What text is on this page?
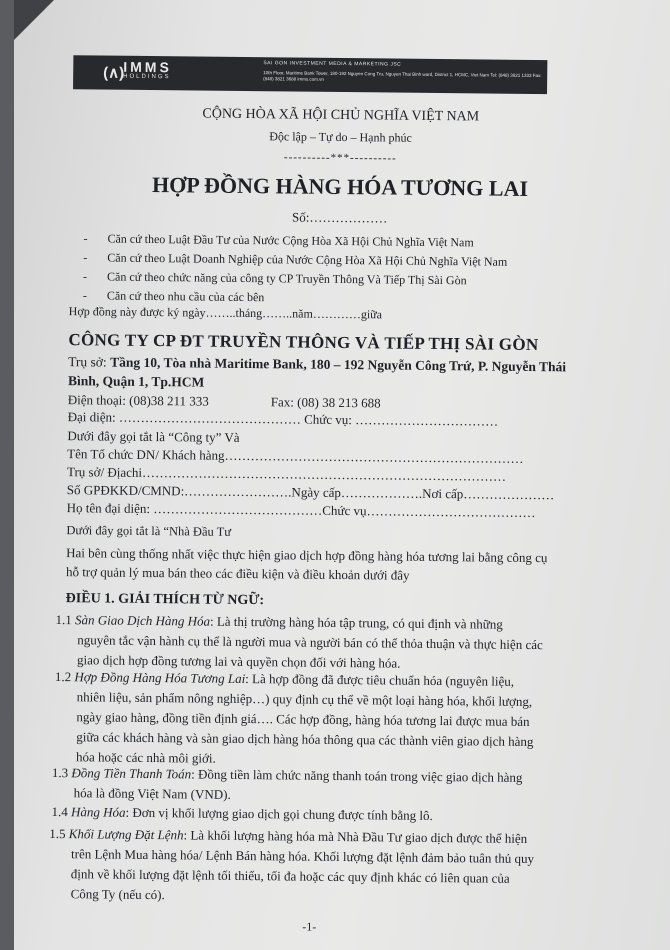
(∧)
IMMS
HOLDINGS
SAI GON INVESTMENT MEDIA & MARKETING JSC
10th Floor, Maritime Bank Tower, 180-192 Nguyen Cong Tru, Nguyen Thai Binh ward, District 1, HCMC, Viet Nam Tel: (848) 3821 1333 Fax: (848) 3821 3688 imms.com.vn
CỘNG HÒA XÃ HỘI CHỦ NGHĨA VIỆT NAM
Độc lập – Tự do – Hạnh phúc
----------***----------
HỢP ĐỒNG HÀNG HÓA TƯƠNG LAI
Số:………………
- Căn cứ theo Luật Đầu Tư của Nước Cộng Hòa Xã Hội Chủ Nghĩa Việt Nam
- Căn cứ theo Luật Doanh Nghiệp của Nước Cộng Hòa Xã Hội Chủ Nghĩa Việt Nam
- Căn cứ theo chức năng của công ty CP Truyền Thông Và Tiếp Thị Sài Gòn
- Căn cứ theo nhu cầu của các bên
Hợp đồng này được ký ngày……..tháng……..năm…………giữa
CÔNG TY CP ĐT TRUYỀN THÔNG VÀ TIẾP THỊ SÀI GÒN
Trụ sở: Tầng 10, Tòa nhà Maritime Bank, 180 – 192 Nguyễn Công Trứ, P. Nguyễn Thái
Bình, Quận 1, Tp.HCM
Điện thoại: (08)38 211 333	Fax: (08) 38 213 688
Đại diện: …………………………………… Chức vụ: ……………………………
Dưới đây gọi tắt là “Công ty” Và
Tên Tổ chức DN/ Khách hàng……………………………………………………………
Trụ sở/ Địachi…………………………………………………………………………
Số GPĐKKD/CMND:…………………….Ngày cấp……………….Nơi cấp…………………
Họ tên đại diện: …………………………………Chức vụ…………………………………
Dưới đây gọi tắt là “Nhà Đầu Tư
Hai bên cùng thống nhất việc thực hiện giao dịch hợp đồng hàng hóa tương lai bằng công cụ
hỗ trợ quản lý mua bán theo các điều kiện và điều khoản dưới đây
ĐIỀU 1. GIẢI THÍCH TỪ NGỮ:
1.1 Sàn Giao Dịch Hàng Hóa: Là thị trường hàng hóa tập trung, có qui định và những
nguyên tắc vận hành cụ thể là người mua và người bán có thể thỏa thuận và thực hiện các
giao dịch hợp đồng tương lai và quyền chọn đối với hàng hóa.
1.2 Hợp Đồng Hàng Hóa Tương Lai: Là hợp đồng đã được tiêu chuẩn hóa (nguyên liệu,
nhiên liệu, sản phẩm nông nghiệp…) quy định cụ thể về một loại hàng hóa, khối lượng,
ngày giao hàng, đồng tiền định giá…. Các hợp đồng, hàng hóa tương lai được mua bán
giữa các khách hàng và sàn giao dịch hàng hóa thông qua các thành viên giao dịch hàng
hóa hoặc các nhà môi giới.
1.3 Đồng Tiền Thanh Toán: Đồng tiền làm chức năng thanh toán trong việc giao dịch hàng
hóa là đồng Việt Nam (VND).
1.4 Hàng Hóa: Đơn vị khối lượng giao dịch gọi chung được tính bằng lô.
1.5 Khối Lượng Đặt Lệnh: Là khối lượng hàng hóa mà Nhà Đầu Tư giao dịch được thể hiện
trên Lệnh Mua hàng hóa/ Lệnh Bán hàng hóa. Khối lượng đặt lệnh đảm bảo tuân thủ quy
định về khối lượng đặt lệnh tối thiểu, tối đa hoặc các quy định khác có liên quan của
Công Ty (nếu có).
-1-
